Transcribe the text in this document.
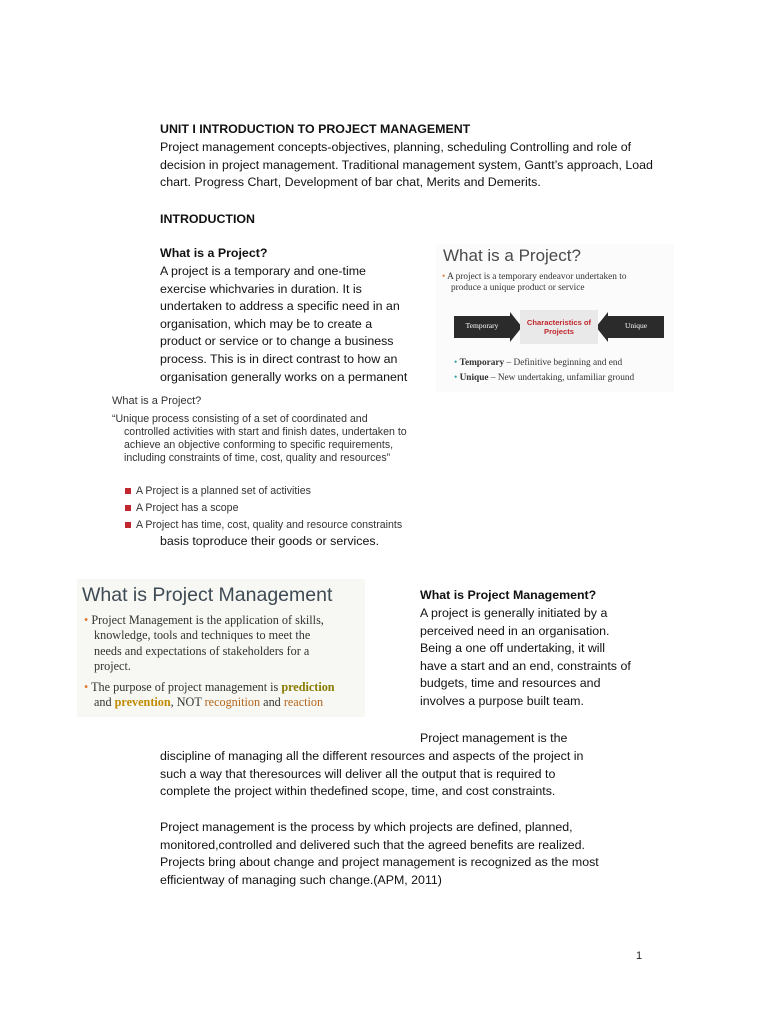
UNIT I INTRODUCTION TO PROJECT MANAGEMENT

Project management concepts-objectives, planning, scheduling Controlling and role of

decision in project management. Traditional management system, Gantt’s approach, Load

chart. Progress Chart, Development of bar chat, Merits and Demerits.

INTRODUCTION
What is a Project?

A project is a temporary and one-time

exercise whichvaries in duration. It is

undertaken to address a specific need in an

organisation, which may be to create a

product or service or to change a business

process. This is in direct contrast to how an

organisation generally works on a permanent

What is a Project?
• A project is a temporary endeavor undertaken to
produce a unique product or service
Temporary	Unique
Characteristics of Projects
• Temporary – Definitive beginning and end
• Unique – New undertaking, unfamiliar ground
What is a Project?

“Unique process consisting of a set of coordinated and

controlled activities with start and finish dates, undertaken to

achieve an objective conforming to specific requirements,

including constraints of time, cost, quality and resources”

A Project is a planned set of activities
A Project has a scope
A Project has time, cost, quality and resource constraints
basis toproduce their goods or services.
What is Project Management

• Project Management is the application of skills,

knowledge, tools and techniques to meet the

needs and expectations of stakeholders for a

project.

• The purpose of project management is prediction

and prevention, NOT recognition and reaction

What is Project Management?

A project is generally initiated by a

perceived need in an organisation.

Being a one off undertaking, it will

have a start and an end, constraints of

budgets, time and resources and

involves a purpose built team.

Project management is the

discipline of managing all the different resources and aspects of the project in

such a way that theresources will deliver all the output that is required to

complete the project within thedefined scope, time, and cost constraints.

Project management is the process by which projects are defined, planned,

monitored,controlled and delivered such that the agreed benefits are realized.

Projects bring about change and project management is recognized as the most

efficientway of managing such change.(APM, 2011)

1
